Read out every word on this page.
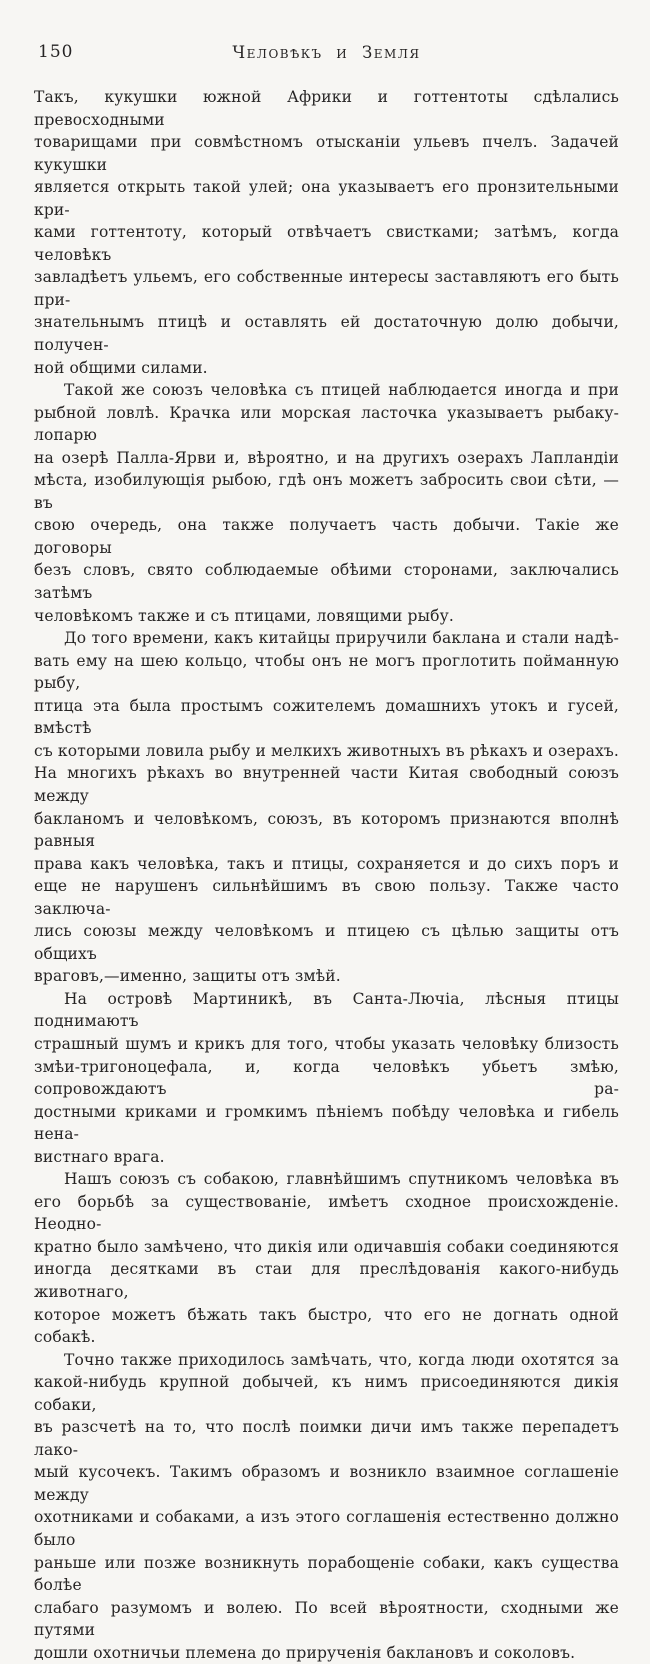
150	Человѣкъ и Земля
Такъ, кукушки южной Африки и готтентоты сдѣлались превосходными
товарищами при совмѣстномъ отысканіи ульевъ пчелъ. Задачей кукушки
является открыть такой улей; она указываетъ его пронзительными кри-
ками готтентоту, который отвѣчаетъ свистками; затѣмъ, когда человѣкъ
завладѣетъ ульемъ, его собственные интересы заставляютъ его быть при-
знательнымъ птицѣ и оставлять ей достаточную долю добычи, получен-
ной общими силами.
Такой же союзъ человѣка съ птицей наблюдается иногда и при
рыбной ловлѣ. Крачка или морская ласточка указываетъ рыбаку-лопарю
на озерѣ Палла-Ярви и, вѣроятно, и на другихъ озерахъ Лапландіи
мѣста, изобилующія рыбою, гдѣ онъ можетъ забросить свои сѣти, — въ
свою очередь, она также получаетъ часть добычи. Такіе же договоры
безъ словъ, свято соблюдаемые обѣими сторонами, заключались затѣмъ
человѣкомъ также и съ птицами, ловящими рыбу.
До того времени, какъ китайцы приручили баклана и стали надѣ-
вать ему на шею кольцо, чтобы онъ не могъ проглотить пойманную рыбу,
птица эта была простымъ сожителемъ домашнихъ утокъ и гусей, вмѣстѣ
съ которыми ловила рыбу и мелкихъ животныхъ въ рѣкахъ и озерахъ.
На многихъ рѣкахъ во внутренней части Китая свободный союзъ между
бакланомъ и человѣкомъ, союзъ, въ которомъ признаются вполнѣ равныя
права какъ человѣка, такъ и птицы, сохраняется и до сихъ поръ и
еще не нарушенъ сильнѣйшимъ въ свою пользу. Также часто заключа-
лись союзы между человѣкомъ и птицею съ цѣлью защиты отъ общихъ
враговъ,—именно, защиты отъ змѣй.
На островѣ Мартиникѣ, въ Санта-Лючіа, лѣсныя птицы поднимаютъ
страшный шумъ и крикъ для того, чтобы указать человѣку близость
змѣи-тригоноцефала, и, когда человѣкъ убьетъ змѣю, сопровождаютъ ра-
достными криками и громкимъ пѣніемъ побѣду человѣка и гибель нена-
вистнаго врага.
Нашъ союзъ съ собакою, главнѣйшимъ спутникомъ человѣка въ
его борьбѣ за существованіе, имѣетъ сходное происхожденіе. Неодно-
кратно было замѣчено, что дикія или одичавшія собаки соединяются
иногда десятками въ стаи для преслѣдованія какого-нибудь животнаго,
которое можетъ бѣжать такъ быстро, что его не догнать одной собакѣ.
Точно также приходилось замѣчать, что, когда люди охотятся за
какой-нибудь крупной добычей, къ нимъ присоединяются дикія собаки,
въ разсчетѣ на то, что послѣ поимки дичи имъ также перепадетъ лако-
мый кусочекъ. Такимъ образомъ и возникло взаимное соглашеніе между
охотниками и собаками, а изъ этого соглашенія естественно должно было
раньше или позже возникнуть порабощеніе собаки, какъ существа болѣе
слабаго разумомъ и волею. По всей вѣроятности, сходными же путями
дошли охотничьи племена до прирученія баклановъ и соколовъ.
